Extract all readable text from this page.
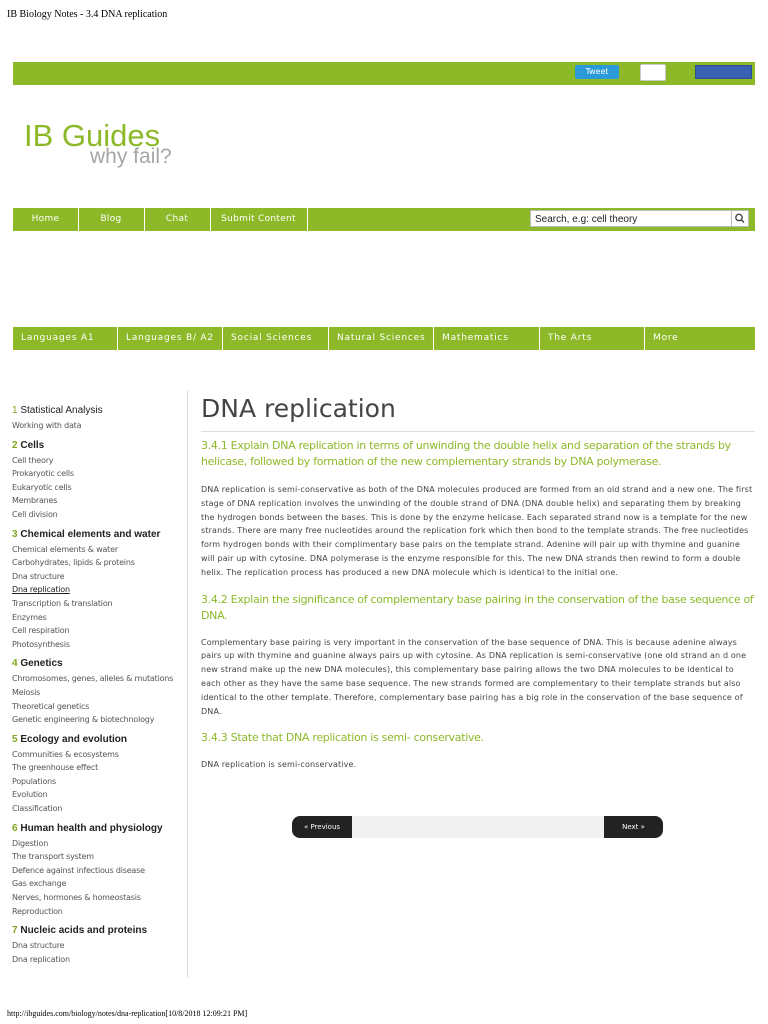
IB Biology Notes - 3.4 DNA replication
Tweet
IB Guides
why fail?
Home	Blog	Chat	Submit Content	Search, e.g: cell theory
Languages A1	Languages B/ A2	Social Sciences	Natural Sciences	Mathematics	The Arts	More
1 Statistical Analysis
Working with data
2 Cells
Cell theory
Prokaryotic cells
Eukaryotic cells
Membranes
Cell division
3 Chemical elements and water
Chemical elements & water
Carbohydrates, lipids & proteins
Dna structure
Dna replication
Transcription & translation
Enzymes
Cell respiration
Photosynthesis
4 Genetics
Chromosomes, genes, alleles & mutations
Meiosis
Theoretical genetics
Genetic engineering & biotechnology
5 Ecology and evolution
Communities & ecosystems
The greenhouse effect
Populations
Evolution
Classification
6 Human health and physiology
Digestion
The transport system
Defence against infectious disease
Gas exchange
Nerves, hormones & homeostasis
Reproduction
7 Nucleic acids and proteins
Dna structure
Dna replication
DNA replication
3.4.1 Explain DNA replication in terms of unwinding the double helix and separation of the strands by helicase, followed by formation of the new complementary strands by DNA polymerase.
DNA replication is semi-conservative as both of the DNA molecules produced are formed from an old strand and a new one. The first stage of DNA replication involves the unwinding of the double strand of DNA (DNA double helix) and separating them by breaking the hydrogen bonds between the bases. This is done by the enzyme helicase. Each separated strand now is a template for the new strands. There are many free nucleotides around the replication fork which then bond to the template strands. The free nucleotides form hydrogen bonds with their complimentary base pairs on the template strand. Adenine will pair up with thymine and guanine will pair up with cytosine. DNA polymerase is the enzyme responsible for this. The new DNA strands then rewind to form a double helix. The replication process has produced a new DNA molecule which is identical to the initial one.
3.4.2 Explain the significance of complementary base pairing in the conservation of the base sequence of DNA.
Complementary base pairing is very important in the conservation of the base sequence of DNA. This is because adenine always pairs up with thymine and guanine always pairs up with cytosine. As DNA replication is semi-conservative (one old strand an d one new strand make up the new DNA molecules), this complementary base pairing allows the two DNA molecules to be identical to each other as they have the same base sequence. The new strands formed are complementary to their template strands but also identical to the other template. Therefore, complementary base pairing has a big role in the conservation of the base sequence of DNA.
3.4.3 State that DNA replication is semi- conservative.
DNA replication is semi-conservative.
« Previous	Next »
http://ibguides.com/biology/notes/dna-replication[10/8/2018 12:09:21 PM]
